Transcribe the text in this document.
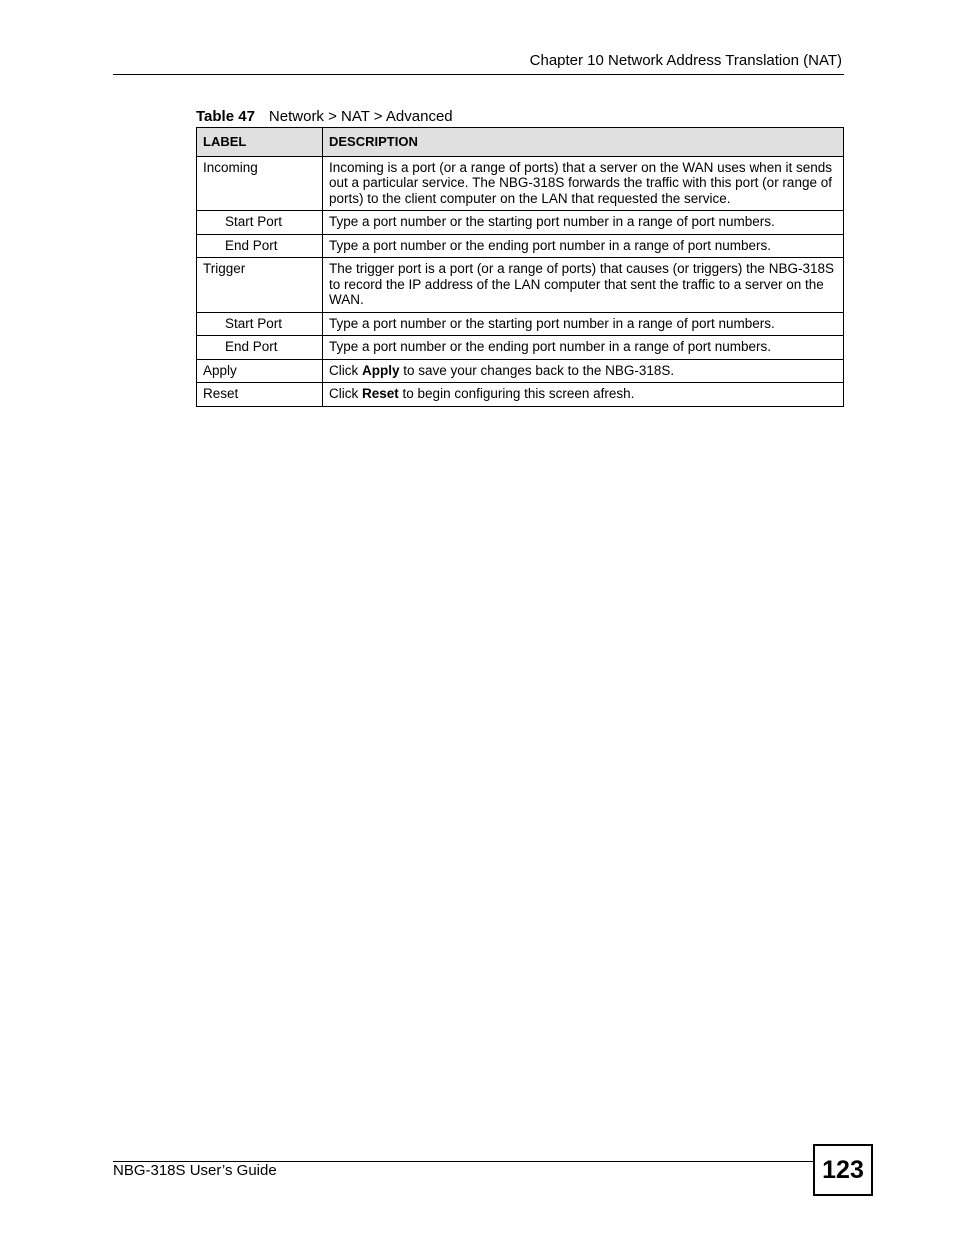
Chapter 10 Network Address Translation (NAT)
Table 47 Network > NAT > Advanced
LABEL	DESCRIPTION
Incoming	Incoming is a port (or a range of ports) that a server on the WAN uses when it sends out a particular service. The NBG-318S forwards the traffic with this port (or range of ports) to the client computer on the LAN that requested the service.
Start Port	Type a port number or the starting port number in a range of port numbers.
End Port	Type a port number or the ending port number in a range of port numbers.
Trigger	The trigger port is a port (or a range of ports) that causes (or triggers) the NBG-318S to record the IP address of the LAN computer that sent the traffic to a server on the WAN.
Start Port	Type a port number or the starting port number in a range of port numbers.
End Port	Type a port number or the ending port number in a range of port numbers.
Apply	Click Apply to save your changes back to the NBG-318S.
Reset	Click Reset to begin configuring this screen afresh.
NBG-318S User’s Guide	123
